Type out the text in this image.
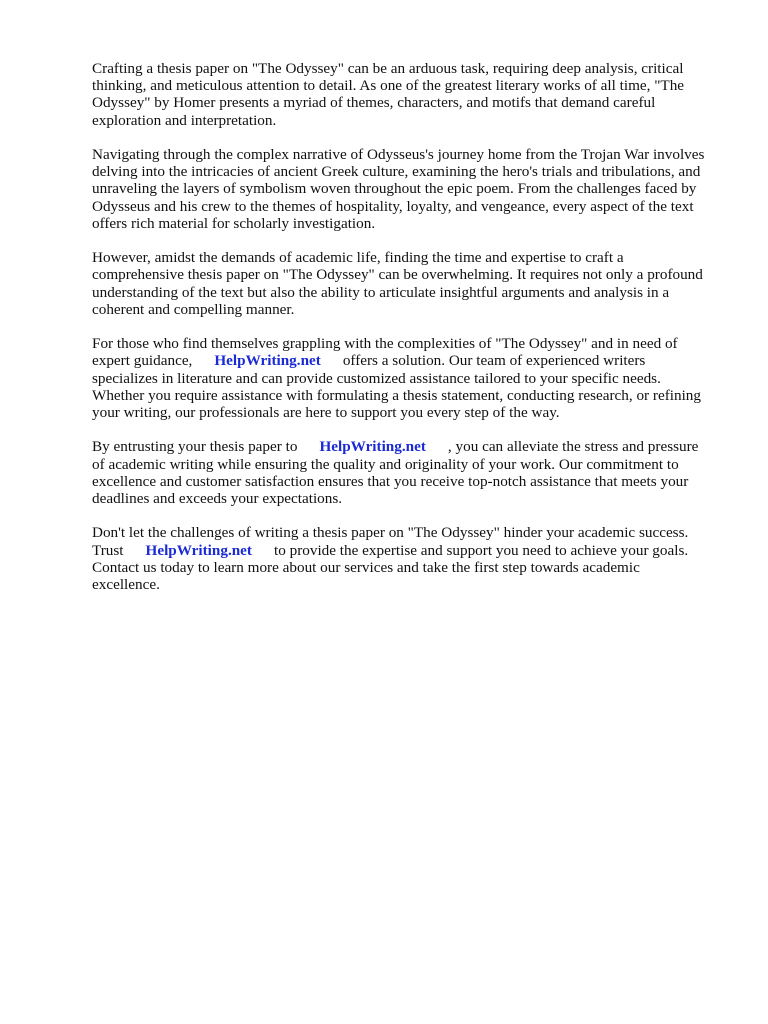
Crafting a thesis paper on "The Odyssey" can be an arduous task, requiring deep analysis, critical
thinking, and meticulous attention to detail. As one of the greatest literary works of all time, "The
Odyssey" by Homer presents a myriad of themes, characters, and motifs that demand careful
exploration and interpretation.

Navigating through the complex narrative of Odysseus's journey home from the Trojan War involves
delving into the intricacies of ancient Greek culture, examining the hero's trials and tribulations, and
unraveling the layers of symbolism woven throughout the epic poem. From the challenges faced by
Odysseus and his crew to the themes of hospitality, loyalty, and vengeance, every aspect of the text
offers rich material for scholarly investigation.

However, amidst the demands of academic life, finding the time and expertise to craft a
comprehensive thesis paper on "The Odyssey" can be overwhelming. It requires not only a profound
understanding of the text but also the ability to articulate insightful arguments and analysis in a
coherent and compelling manner.

For those who find themselves grappling with the complexities of "The Odyssey" and in need of
expert guidance, HelpWriting.net offers a solution. Our team of experienced writers
specializes in literature and can provide customized assistance tailored to your specific needs.
Whether you require assistance with formulating a thesis statement, conducting research, or refining
your writing, our professionals are here to support you every step of the way.

By entrusting your thesis paper to HelpWriting.net , you can alleviate the stress and pressure
of academic writing while ensuring the quality and originality of your work. Our commitment to
excellence and customer satisfaction ensures that you receive top-notch assistance that meets your
deadlines and exceeds your expectations.

Don't let the challenges of writing a thesis paper on "The Odyssey" hinder your academic success.
Trust HelpWriting.net to provide the expertise and support you need to achieve your goals.
Contact us today to learn more about our services and take the first step towards academic
excellence.
